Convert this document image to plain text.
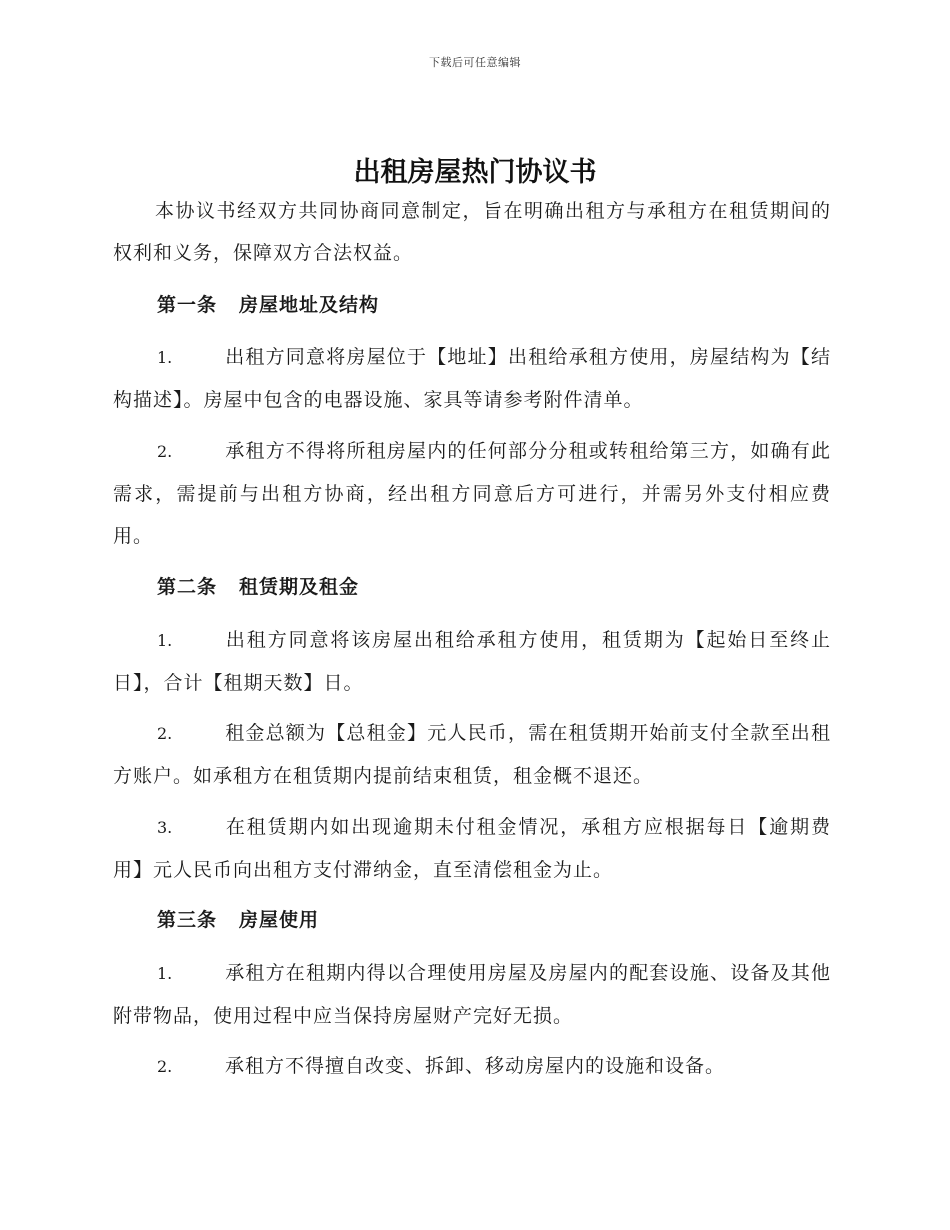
下载后可任意编辑
出租房屋热门协议书
本协议书经双方共同协商同意制定，旨在明确出租方与承租方在租赁期间的权利和义务，保障双方合法权益。
第一条 房屋地址及结构
1.	出租方同意将房屋位于【地址】出租给承租方使用，房屋结构为【结构描述】。房屋中包含的电器设施、家具等请参考附件清单。
2.	承租方不得将所租房屋内的任何部分分租或转租给第三方，如确有此需求，需提前与出租方协商，经出租方同意后方可进行，并需另外支付相应费用。
第二条 租赁期及租金
1.	出租方同意将该房屋出租给承租方使用，租赁期为【起始日至终止日】，合计【租期天数】日。
2.	租金总额为【总租金】元人民币，需在租赁期开始前支付全款至出租方账户。如承租方在租赁期内提前结束租赁，租金概不退还。
3.	在租赁期内如出现逾期未付租金情况，承租方应根据每日【逾期费用】元人民币向出租方支付滞纳金，直至清偿租金为止。
第三条 房屋使用
1.	承租方在租期内得以合理使用房屋及房屋内的配套设施、设备及其他附带物品，使用过程中应当保持房屋财产完好无损。
2.	承租方不得擅自改变、拆卸、移动房屋内的设施和设备。
